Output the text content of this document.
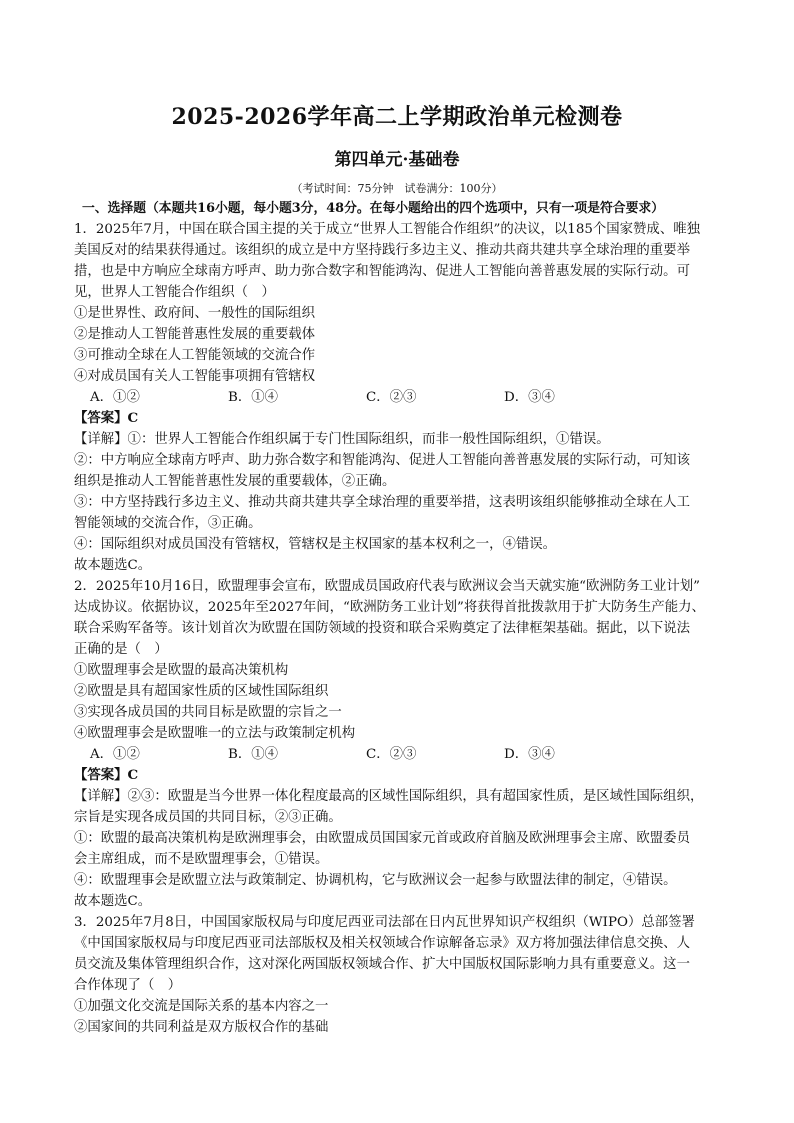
2025-2026学年高二上学期政治单元检测卷
第四单元·基础卷
（考试时间：75分钟　试卷满分：100分）
一、选择题（本题共16小题，每小题3分，48分。在每小题给出的四个选项中，只有一项是符合要求）
1．2025年7月，中国在联合国主提的关于成立“世界人工智能合作组织”的决议，以185个国家赞成、唯独
美国反对的结果获得通过。该组织的成立是中方坚持践行多边主义、推动共商共建共享全球治理的重要举
措，也是中方响应全球南方呼声、助力弥合数字和智能鸿沟、促进人工智能向善普惠发展的实际行动。可
见，世界人工智能合作组织（　）
①是世界性、政府间、一般性的国际组织
②是推动人工智能普惠性发展的重要载体
③可推动全球在人工智能领域的交流合作
④对成员国有关人工智能事项拥有管辖权
A．①②	B．①④	C．②③	D．③④
【答案】C
【详解】①：世界人工智能合作组织属于专门性国际组织，而非一般性国际组织，①错误。
②：中方响应全球南方呼声、助力弥合数字和智能鸿沟、促进人工智能向善普惠发展的实际行动，可知该
组织是推动人工智能普惠性发展的重要载体，②正确。
③：中方坚持践行多边主义、推动共商共建共享全球治理的重要举措，这表明该组织能够推动全球在人工
智能领域的交流合作，③正确。
④：国际组织对成员国没有管辖权，管辖权是主权国家的基本权利之一，④错误。
故本题选C。
2．2025年10月16日，欧盟理事会宣布，欧盟成员国政府代表与欧洲议会当天就实施“欧洲防务工业计划”
达成协议。依据协议，2025年至2027年间，“欧洲防务工业计划”将获得首批拨款用于扩大防务生产能力、
联合采购军备等。该计划首次为欧盟在国防领域的投资和联合采购奠定了法律框架基础。据此，以下说法
正确的是（　）
①欧盟理事会是欧盟的最高决策机构
②欧盟是具有超国家性质的区域性国际组织
③实现各成员国的共同目标是欧盟的宗旨之一
④欧盟理事会是欧盟唯一的立法与政策制定机构
A．①②	B．①④	C．②③	D．③④
【答案】C
【详解】②③：欧盟是当今世界一体化程度最高的区域性国际组织，具有超国家性质，是区域性国际组织，
宗旨是实现各成员国的共同目标，②③正确。
①：欧盟的最高决策机构是欧洲理事会，由欧盟成员国国家元首或政府首脑及欧洲理事会主席、欧盟委员
会主席组成，而不是欧盟理事会，①错误。
④：欧盟理事会是欧盟立法与政策制定、协调机构，它与欧洲议会一起参与欧盟法律的制定，④错误。
故本题选C。
3．2025年7月8日，中国国家版权局与印度尼西亚司法部在日内瓦世界知识产权组织（WIPO）总部签署
《中国国家版权局与印度尼西亚司法部版权及相关权领域合作谅解备忘录》双方将加强法律信息交换、人
员交流及集体管理组织合作，这对深化两国版权领域合作、扩大中国版权国际影响力具有重要意义。这一
合作体现了（　）
①加强文化交流是国际关系的基本内容之一
②国家间的共同利益是双方版权合作的基础
